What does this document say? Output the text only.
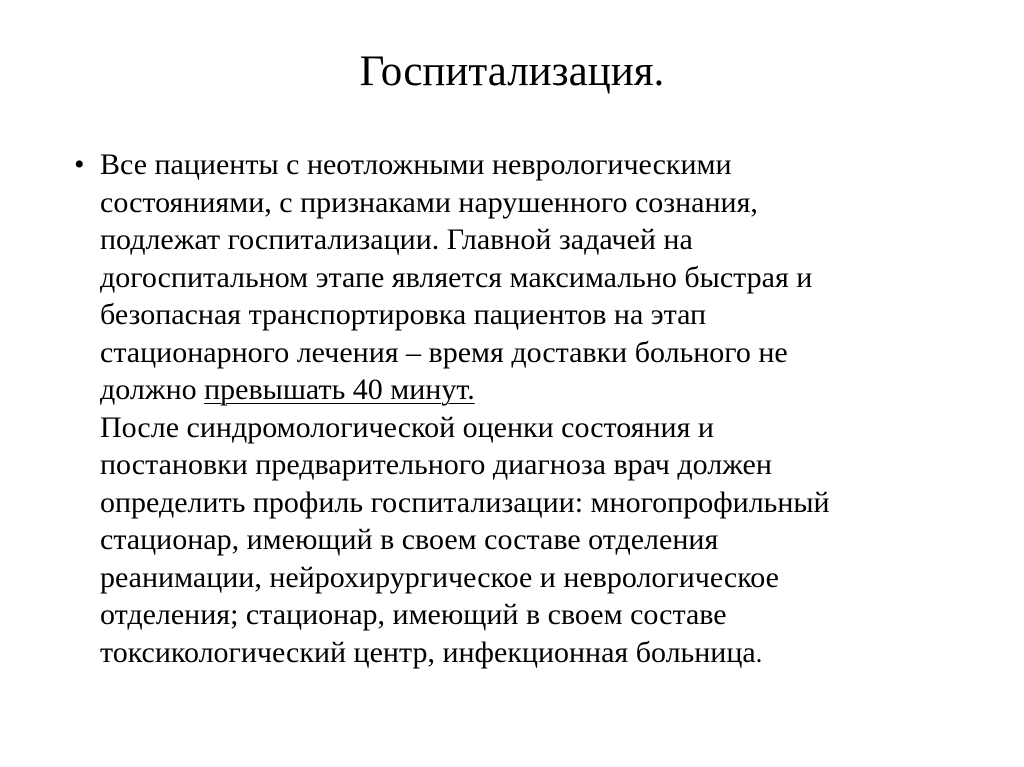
Госпитализация.
• Все пациенты с неотложными неврологическими
состояниями, с признаками нарушенного сознания,
подлежат госпитализации. Главной задачей на
догоспитальном этапе является максимально быстрая и
безопасная транспортировка пациентов на этап
стационарного лечения – время доставки больного не
должно превышать 40 минут.
После синдромологической оценки состояния и
постановки предварительного диагноза врач должен
определить профиль госпитализации: многопрофильный
стационар, имеющий в своем составе отделения
реанимации, нейрохирургическое и неврологическое
отделения; стационар, имеющий в своем составе
токсикологический центр, инфекционная больница.
